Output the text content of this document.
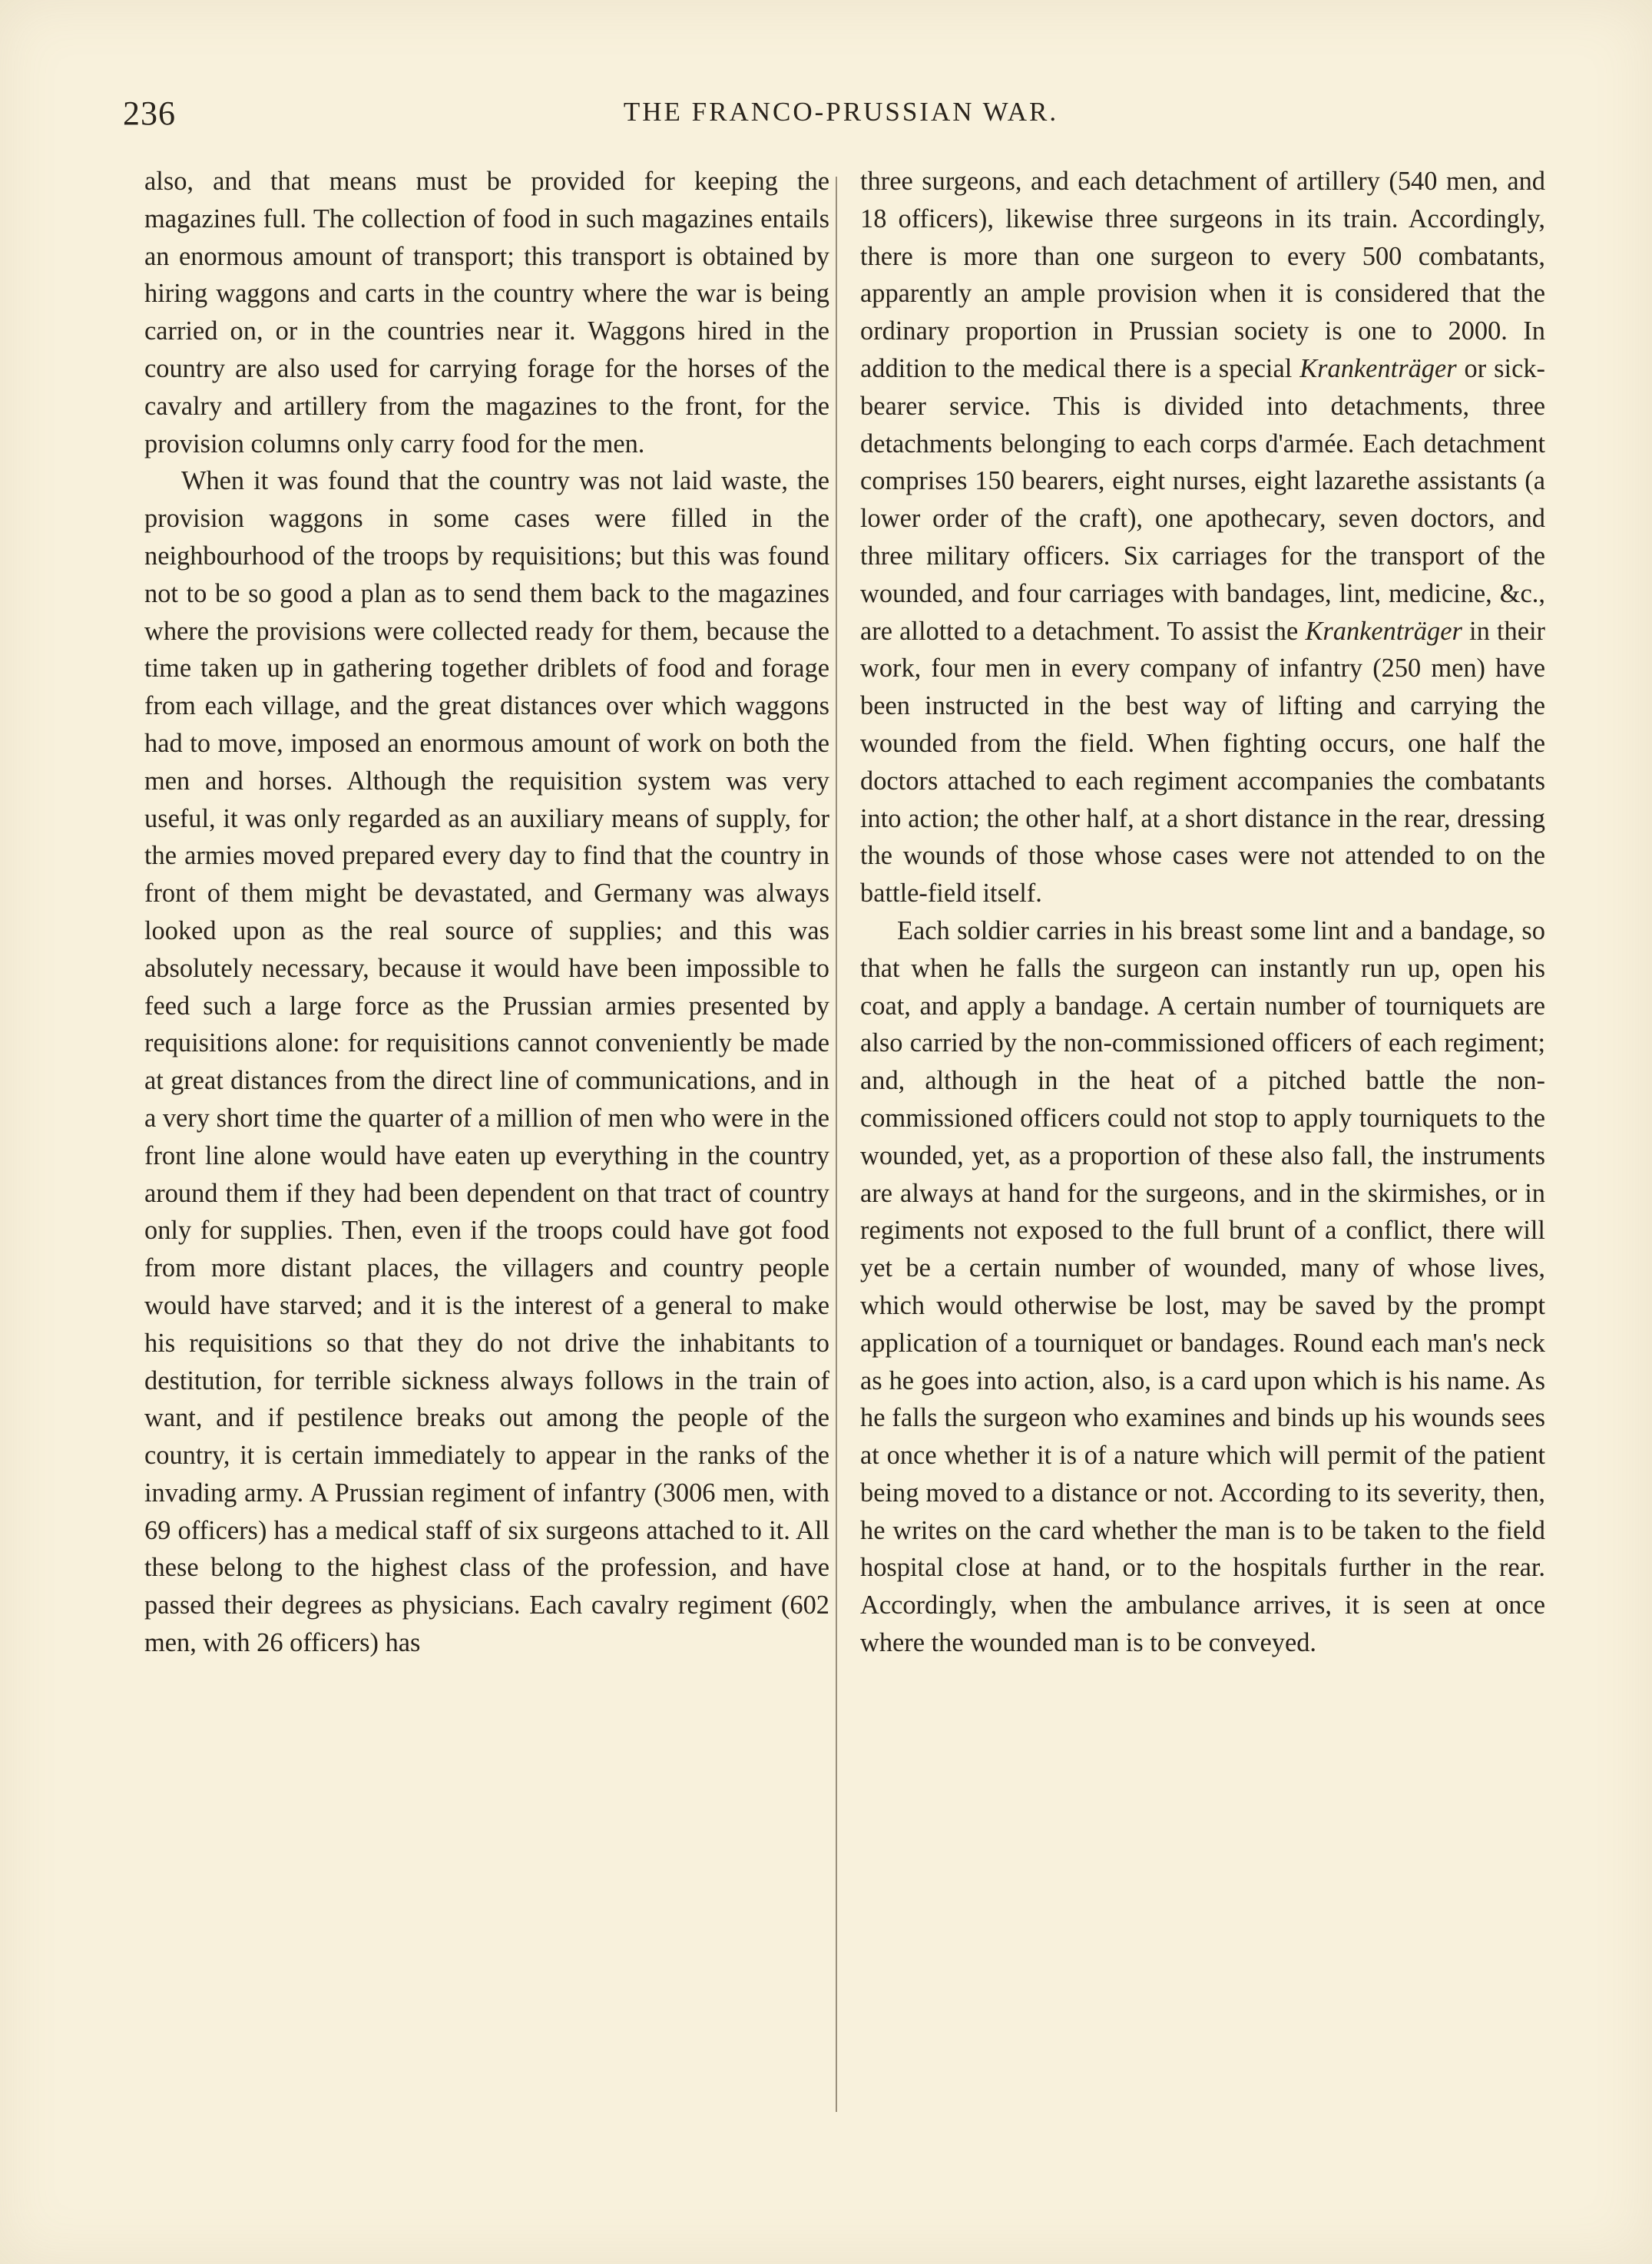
236	THE FRANCO-PRUSSIAN WAR.

also, and that means must be provided for keeping the magazines full. The collection of food in such magazines entails an enormous amount of transport; this transport is obtained by hiring waggons and carts in the country where the war is being carried on, or in the countries near it. Waggons hired in the country are also used for carrying forage for the horses of the cavalry and artillery from the magazines to the front, for the provision columns only carry food for the men.

When it was found that the country was not laid waste, the provision waggons in some cases were filled in the neighbourhood of the troops by requisitions; but this was found not to be so good a plan as to send them back to the magazines where the provisions were collected ready for them, because the time taken up in gathering together driblets of food and forage from each village, and the great distances over which waggons had to move, imposed an enormous amount of work on both the men and horses. Although the requisition system was very useful, it was only regarded as an auxiliary means of supply, for the armies moved prepared every day to find that the country in front of them might be devastated, and Germany was always looked upon as the real source of supplies; and this was absolutely necessary, because it would have been impossible to feed such a large force as the Prussian armies presented by requisitions alone: for requisitions cannot conveniently be made at great distances from the direct line of communications, and in a very short time the quarter of a million of men who were in the front line alone would have eaten up everything in the country around them if they had been dependent on that tract of country only for supplies. Then, even if the troops could have got food from more distant places, the villagers and country people would have starved; and it is the interest of a general to make his requisitions so that they do not drive the inhabitants to destitution, for terrible sickness always follows in the train of want, and if pestilence breaks out among the people of the country, it is certain immediately to appear in the ranks of the invading army. A Prussian regiment of infantry (3006 men, with 69 officers) has a medical staff of six surgeons attached to it. All these belong to the highest class of the profession, and have passed their degrees as physicians. Each cavalry regiment (602 men, with 26 officers) has

three surgeons, and each detachment of artillery (540 men, and 18 officers), likewise three surgeons in its train. Accordingly, there is more than one surgeon to every 500 combatants, apparently an ample provision when it is considered that the ordinary proportion in Prussian society is one to 2000. In addition to the medical there is a special Krankenträger or sick-bearer service. This is divided into detachments, three detachments belonging to each corps d'armée. Each detachment comprises 150 bearers, eight nurses, eight lazarethe assistants (a lower order of the craft), one apothecary, seven doctors, and three military officers. Six carriages for the transport of the wounded, and four carriages with bandages, lint, medicine, &c., are allotted to a detachment. To assist the Krankenträger in their work, four men in every company of infantry (250 men) have been instructed in the best way of lifting and carrying the wounded from the field. When fighting occurs, one half the doctors attached to each regiment accompanies the combatants into action; the other half, at a short distance in the rear, dressing the wounds of those whose cases were not attended to on the battle-field itself.

Each soldier carries in his breast some lint and a bandage, so that when he falls the surgeon can instantly run up, open his coat, and apply a bandage. A certain number of tourniquets are also carried by the non-commissioned officers of each regiment; and, although in the heat of a pitched battle the non-commissioned officers could not stop to apply tourniquets to the wounded, yet, as a proportion of these also fall, the instruments are always at hand for the surgeons, and in the skirmishes, or in regiments not exposed to the full brunt of a conflict, there will yet be a certain number of wounded, many of whose lives, which would otherwise be lost, may be saved by the prompt application of a tourniquet or bandages. Round each man's neck as he goes into action, also, is a card upon which is his name. As he falls the surgeon who examines and binds up his wounds sees at once whether it is of a nature which will permit of the patient being moved to a distance or not. According to its severity, then, he writes on the card whether the man is to be taken to the field hospital close at hand, or to the hospitals further in the rear. Accordingly, when the ambulance arrives, it is seen at once where the wounded man is to be conveyed.
